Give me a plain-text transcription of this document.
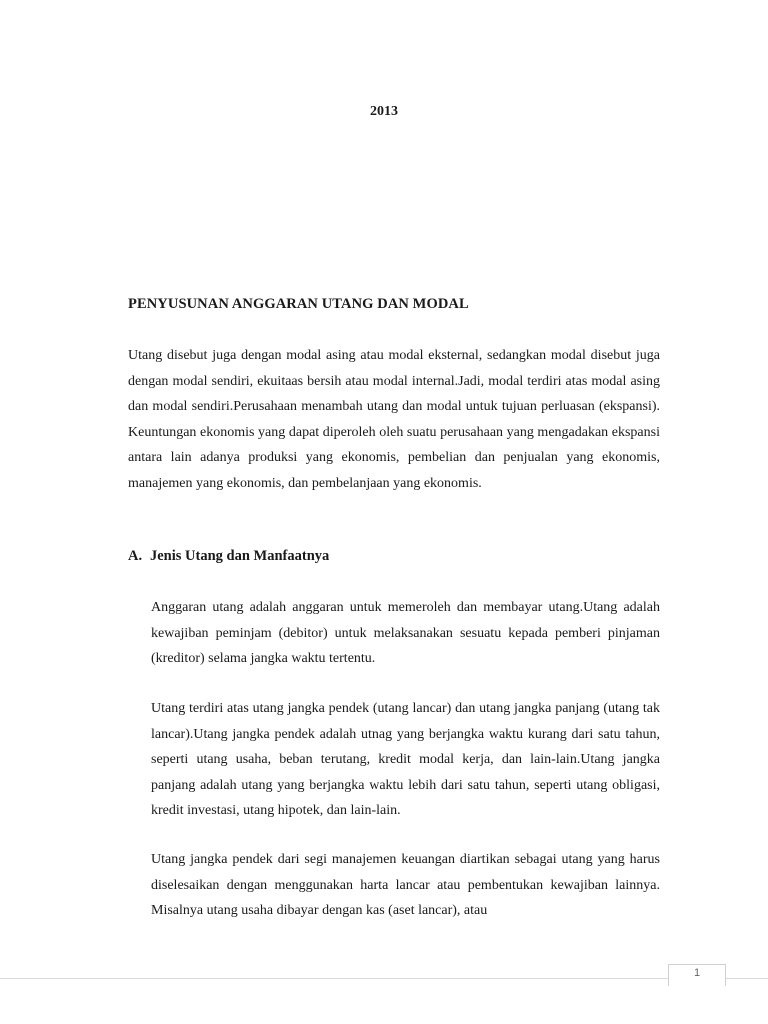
2013
PENYUSUNAN ANGGARAN UTANG DAN MODAL

Utang disebut juga dengan modal asing atau modal eksternal, sedangkan modal disebut juga dengan modal sendiri, ekuitaas bersih atau modal internal.Jadi, modal terdiri atas modal asing dan modal sendiri.Perusahaan menambah utang dan modal untuk tujuan perluasan (ekspansi). Keuntungan ekonomis yang dapat diperoleh oleh suatu perusahaan yang mengadakan ekspansi antara lain adanya produksi yang ekonomis, pembelian dan penjualan yang ekonomis, manajemen yang ekonomis, dan pembelanjaan yang ekonomis.

A. Jenis Utang dan Manfaatnya

Anggaran utang adalah anggaran untuk memeroleh dan membayar utang.Utang adalah kewajiban peminjam (debitor) untuk melaksanakan sesuatu kepada pemberi pinjaman (kreditor) selama jangka waktu tertentu.

Utang terdiri atas utang jangka pendek (utang lancar) dan utang jangka panjang (utang tak lancar).Utang jangka pendek adalah utnag yang berjangka waktu kurang dari satu tahun, seperti utang usaha, beban terutang, kredit modal kerja, dan lain-lain.Utang jangka panjang adalah utang yang berjangka waktu lebih dari satu tahun, seperti utang obligasi, kredit investasi, utang hipotek, dan lain-lain.

Utang jangka pendek dari segi manajemen keuangan diartikan sebagai utang yang harus diselesaikan dengan menggunakan harta lancar atau pembentukan kewajiban lainnya. Misalnya utang usaha dibayar dengan kas (aset lancar), atau

1
